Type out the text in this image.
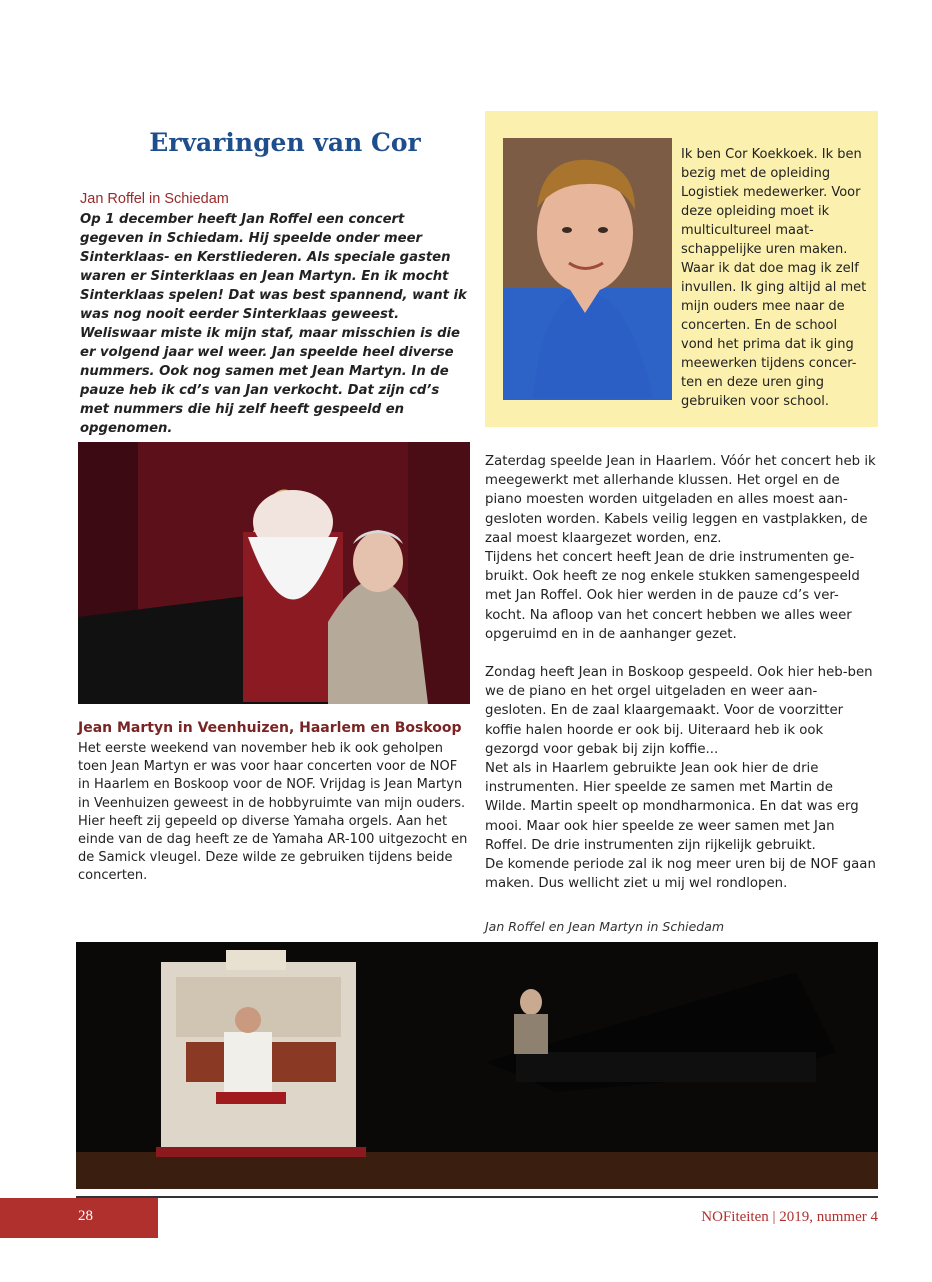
Ervaringen van Cor
Jan Roffel in Schiedam
Op 1 december heeft Jan Roffel een concert gegeven in Schiedam. Hij speelde onder meer Sinterklaas- en Kerstliederen. Als speciale gasten waren er Sinterklaas en Jean Martyn. En ik mocht Sinterklaas spelen! Dat was best spannend, want ik was nog nooit eerder Sinterklaas geweest. Weliswaar miste ik mijn staf, maar misschien is die er volgend jaar wel weer. Jan speelde heel diverse nummers. Ook nog samen met Jean Martyn. In de pauze heb ik cd’s van Jan verkocht. Dat zijn cd’s met nummers die hij zelf heeft gespeeld en opgenomen.
Ik ben Cor Koekkoek. Ik ben bezig met de opleiding Logistiek medewerker. Voor deze opleiding moet ik multicultureel maat-schappelijke uren maken. Waar ik dat doe mag ik zelf invullen. Ik ging altijd al met mijn ouders mee naar de concerten. En de school vond het prima dat ik ging meewerken tijdens concer-ten en deze uren ging gebruiken voor school.
Jean Martyn in Veenhuizen, Haarlem en Boskoop
Het eerste weekend van november heb ik ook geholpen toen Jean Martyn er was voor haar concerten voor de NOF in Haarlem en Boskoop voor de NOF. Vrijdag is Jean Martyn in Veenhuizen geweest in de hobbyruimte van mijn ouders. Hier heeft zij gepeeld op diverse Yamaha orgels. Aan het einde van de dag heeft ze de Yamaha AR-100 uitgezocht en de Samick vleugel. Deze wilde ze gebruiken tijdens beide concerten.

Zaterdag speelde Jean in Haarlem. Vóór het concert heb ik meegewerkt met allerhande klussen. Het orgel en de piano moesten worden uitgeladen en alles moest aan-gesloten worden. Kabels veilig leggen en vastplakken, de zaal moest klaargezet worden, enz.

Tijdens het concert heeft Jean de drie instrumenten ge-bruikt. Ook heeft ze nog enkele stukken samengespeeld met Jan Roffel. Ook hier werden in de pauze cd’s ver-kocht. Na afloop van het concert hebben we alles weer opgeruimd en in de aanhanger gezet.

Zondag heeft Jean in Boskoop gespeeld. Ook hier heb-ben we de piano en het orgel uitgeladen en weer aan-gesloten. En de zaal klaargemaakt. Voor de voorzitter koffie halen hoorde er ook bij. Uiteraard heb ik ook gezorgd voor gebak bij zijn koffie...

Net als in Haarlem gebruikte Jean ook hier de drie instrumenten. Hier speelde ze samen met Martin de Wilde. Martin speelt op mondharmonica. En dat was erg mooi. Maar ook hier speelde ze weer samen met Jan Roffel. De drie instrumenten zijn rijkelijk gebruikt.

De komende periode zal ik nog meer uren bij de NOF gaan maken. Dus wellicht ziet u mij wel rondlopen.

Jan Roffel en Jean Martyn in Schiedam
28	NOFiteiten | 2019, nummer 4
